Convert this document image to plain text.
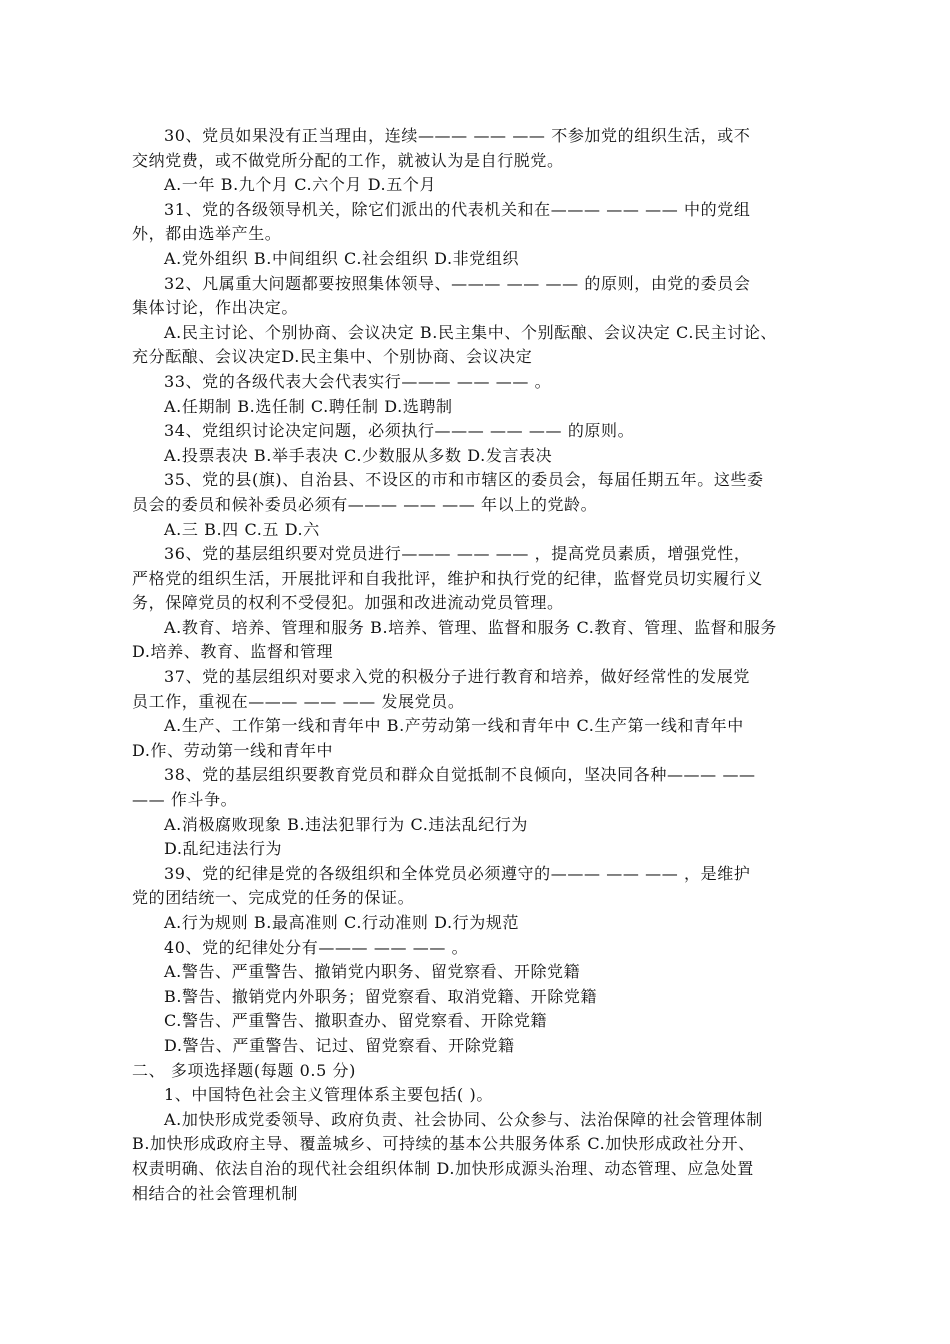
30、党员如果没有正当理由，连续——— —— —— 不参加党的组织生活，或不
交纳党费，或不做党所分配的工作，就被认为是自行脱党。
A.一年 B.九个月 C.六个月 D.五个月
31、党的各级领导机关，除它们派出的代表机关和在——— —— —— 中的党组
外，都由选举产生。
A.党外组织 B.中间组织 C.社会组织 D.非党组织
32、凡属重大问题都要按照集体领导、——— —— —— 的原则，由党的委员会
集体讨论，作出决定。
A.民主讨论、个别协商、会议决定 B.民主集中、个别酝酿、会议决定 C.民主讨论、
充分酝酿、会议决定D.民主集中、个别协商、会议决定
33、党的各级代表大会代表实行——— —— —— 。
A.任期制 B.选任制 C.聘任制 D.选聘制
34、党组织讨论决定问题，必须执行——— —— —— 的原则。
A.投票表决 B.举手表决 C.少数服从多数 D.发言表决
35、党的县(旗)、自治县、不设区的市和市辖区的委员会，每届任期五年。这些委
员会的委员和候补委员必须有——— —— —— 年以上的党龄。
A.三 B.四 C.五 D.六
36、党的基层组织要对党员进行——— —— —— ，提高党员素质，增强党性，
严格党的组织生活，开展批评和自我批评，维护和执行党的纪律，监督党员切实履行义
务，保障党员的权利不受侵犯。加强和改进流动党员管理。
A.教育、培养、管理和服务 B.培养、管理、监督和服务 C.教育、管理、监督和服务
D.培养、教育、监督和管理
37、党的基层组织对要求入党的积极分子进行教育和培养，做好经常性的发展党
员工作，重视在——— —— —— 发展党员。
A.生产、工作第一线和青年中 B.产劳动第一线和青年中 C.生产第一线和青年中
D.作、劳动第一线和青年中
38、党的基层组织要教育党员和群众自觉抵制不良倾向，坚决同各种——— ——
—— 作斗争。
A.消极腐败现象 B.违法犯罪行为 C.违法乱纪行为
D.乱纪违法行为
39、党的纪律是党的各级组织和全体党员必须遵守的——— —— —— ，是维护
党的团结统一、完成党的任务的保证。
A.行为规则 B.最高准则 C.行动准则 D.行为规范
40、党的纪律处分有——— —— —— 。
A.警告、严重警告、撤销党内职务、留党察看、开除党籍
B.警告、撤销党内外职务；留党察看、取消党籍、开除党籍
C.警告、严重警告、撤职查办、留党察看、开除党籍
D.警告、严重警告、记过、留党察看、开除党籍
二、 多项选择题(每题 0.5 分)
1、中国特色社会主义管理体系主要包括( )。
A.加快形成党委领导、政府负责、社会协同、公众参与、法治保障的社会管理体制
B.加快形成政府主导、覆盖城乡、可持续的基本公共服务体系 C.加快形成政社分开、
权责明确、依法自治的现代社会组织体制 D.加快形成源头治理、动态管理、应急处置
相结合的社会管理机制
